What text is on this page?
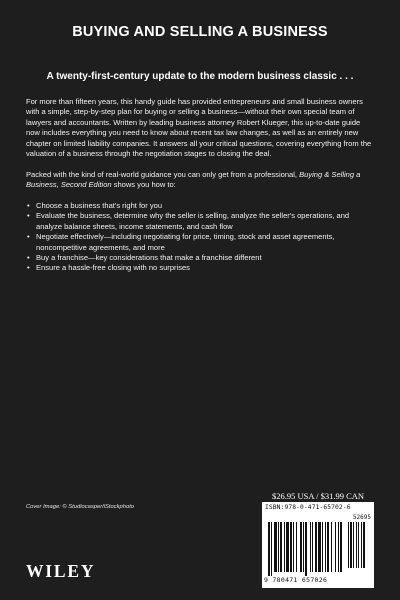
BUYING AND SELLING A BUSINESS
A twenty-first-century update to the modern business classic . . .

For more than fifteen years, this handy guide has provided entrepreneurs and small business owners with a simple, step-by-step plan for buying or selling a business—without their own special team of lawyers and accountants. Written by leading business attorney Robert Klueger, this up-to-date guide now includes everything you need to know about recent tax law changes, as well as an entirely new chapter on limited liability companies. It answers all your critical questions, covering everything from the valuation of a business through the negotiation stages to closing the deal.

Packed with the kind of real-world guidance you can only get from a professional, Buying & Selling a Business, Second Edition shows you how to:

• Choose a business that's right for you
• Evaluate the business, determine why the seller is selling, analyze the seller's operations, and analyze balance sheets, income statements, and cash flow
• Negotiate effectively—including negotiating for price, timing, stock and asset agreements, noncompetitive agreements, and more
• Buy a franchise—key considerations that make a franchise different
• Ensure a hassle-free closing with no surprises
Cover Image: © Studiocasper/iStockphoto
$26.95 USA / $31.99 CAN
ISBN:978-0-471-65702-6
52695
9 780471 657026
WILEY
